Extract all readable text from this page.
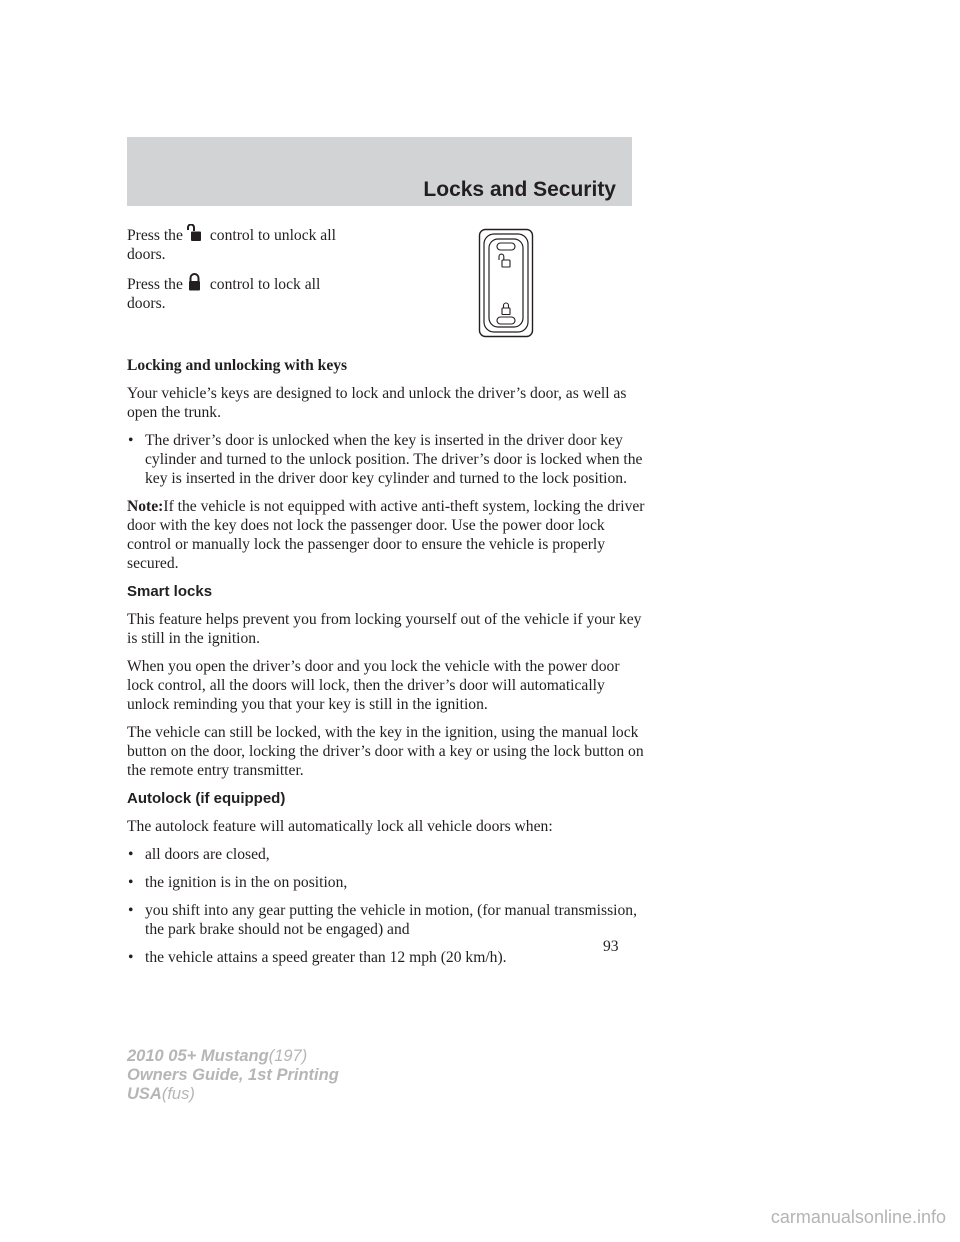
Locks and Security

Press the control to unlock all
doors.

Press the control to lock all
doors.

Locking and unlocking with keys

Your vehicle’s keys are designed to lock and unlock the driver’s door, as well as open the trunk.

• The driver’s door is unlocked when the key is inserted in the driver door key cylinder and turned to the unlock position. The driver’s door is locked when the key is inserted in the driver door key cylinder and turned to the lock position.

Note:If the vehicle is not equipped with active anti-theft system, locking the driver door with the key does not lock the passenger door. Use the power door lock control or manually lock the passenger door to ensure the vehicle is properly secured.

Smart locks

This feature helps prevent you from locking yourself out of the vehicle if your key is still in the ignition.

When you open the driver’s door and you lock the vehicle with the power door lock control, all the doors will lock, then the driver’s door will automatically unlock reminding you that your key is still in the ignition.

The vehicle can still be locked, with the key in the ignition, using the manual lock button on the door, locking the driver’s door with a key or using the lock button on the remote entry transmitter.

Autolock (if equipped)

The autolock feature will automatically lock all vehicle doors when:

• all doors are closed,
• the ignition is in the on position,
• you shift into any gear putting the vehicle in motion, (for manual transmission, the park brake should not be engaged) and
• the vehicle attains a speed greater than 12 mph (20 km/h).
93
2010 05+ Mustang(197)
Owners Guide, 1st Printing
USA(fus)
carmanualsonline.info
